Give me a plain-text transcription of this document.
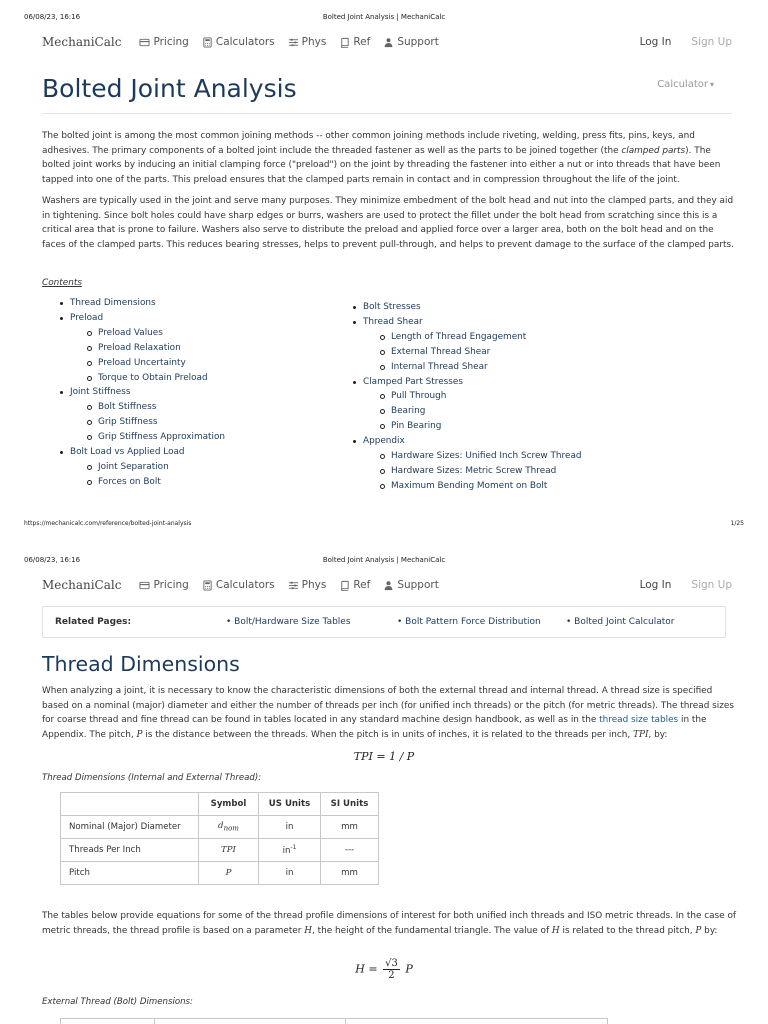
06/08/23, 16:16	Bolted Joint Analysis | MechaniCalc
MechaniCalc	Pricing	Calculators	Phys	Ref	Support	Log In Sign Up
Bolted Joint Analysis	Calculator ▾

The bolted joint is among the most common joining methods -- other common joining methods include riveting, welding, press fits, pins, keys, and adhesives. The primary components of a bolted joint include the threaded fastener as well as the parts to be joined together (the clamped parts). The bolted joint works by inducing an initial clamping force ("preload") on the joint by threading the fastener into either a nut or into threads that have been tapped into one of the parts. This preload ensures that the clamped parts remain in contact and in compression throughout the life of the joint.

Washers are typically used in the joint and serve many purposes. They minimize embedment of the bolt head and nut into the clamped parts, and they aid in tightening. Since bolt holes could have sharp edges or burrs, washers are used to protect the fillet under the bolt head from scratching since this is a critical area that is prone to failure. Washers also serve to distribute the preload and applied force over a larger area, both on the bolt head and on the faces of the clamped parts. This reduces bearing stresses, helps to prevent pull-through, and helps to prevent damage to the surface of the clamped parts.

Contents
Thread Dimensions
Preload
Preload Values
Preload Relaxation
Preload Uncertainty
Torque to Obtain Preload
Joint Stiffness
Bolt Stiffness
Grip Stiffness
Grip Stiffness Approximation
Bolt Load vs Applied Load
Joint Separation
Forces on Bolt
Bolt Stresses
Thread Shear
Length of Thread Engagement
External Thread Shear
Internal Thread Shear
Clamped Part Stresses
Pull Through
Bearing
Pin Bearing
Appendix
Hardware Sizes: Unified Inch Screw Thread
Hardware Sizes: Metric Screw Thread
Maximum Bending Moment on Bolt
https://mechanicalc.com/reference/bolted-joint-analysis	1/25
06/08/23, 16:16	Bolted Joint Analysis | MechaniCalc
MechaniCalc	Pricing	Calculators	Phys	Ref	Support	Log In Sign Up
Related Pages:	• Bolt/Hardware Size Tables	• Bolt Pattern Force Distribution	• Bolted Joint Calculator
Thread Dimensions

When analyzing a joint, it is necessary to know the characteristic dimensions of both the external thread and internal thread. A thread size is specified based on a nominal (major) diameter and either the number of threads per inch (for unified inch threads) or the pitch (for metric threads). The thread sizes for coarse thread and fine thread can be found in tables located in any standard machine design handbook, as well as in the thread size tables in the Appendix. The pitch, P is the distance between the threads. When the pitch is in units of inches, it is related to the threads per inch, TPI, by:

TPI = 1 / P
Thread Dimensions (Internal and External Thread):
	Symbol	US Units	SI Units
Nominal (Major) Diameter	$d_{nom}$	in	mm
Threads Per Inch	TPI	$in^{-1}$	---
Pitch	P	in	mm

The tables below provide equations for some of the thread profile dimensions of interest for both unified inch threads and ISO metric threads. In the case of metric threads, the thread profile is based on a parameter H, the height of the fundamental triangle. The value of H is related to the thread pitch, P by:

$H = \frac{√3}{2}$ P
External Thread (Bolt) Dimensions:
